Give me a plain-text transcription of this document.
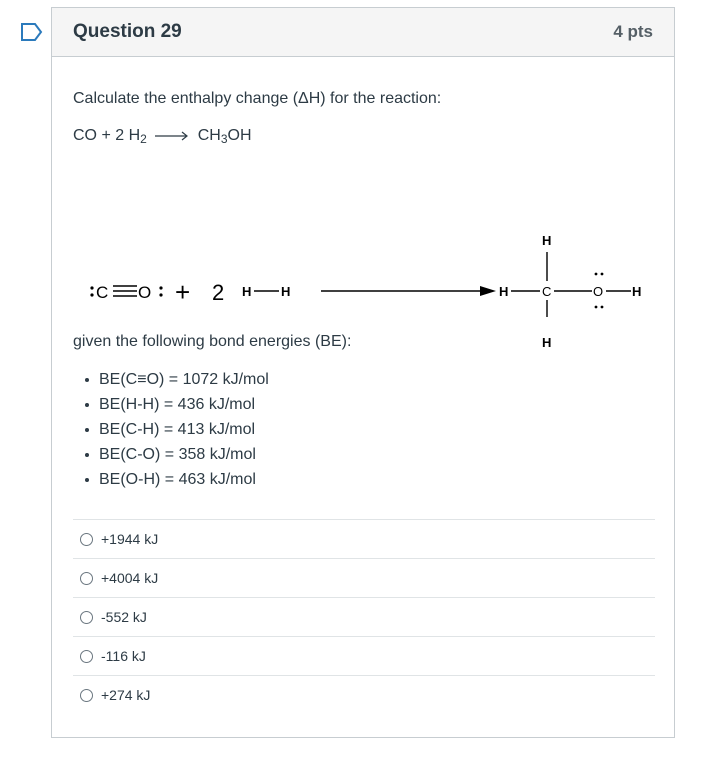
Question 29	4 pts
Calculate the enthalpy change (ΔH) for the reaction:
CO + 2 $H_2 \to CH_3OH$
C O + 2 H H	H	C	O H
H
H
given the following bond energies (BE):
BE(C≡O) = 1072 kJ/mol
BE(H-H) = 436 kJ/mol
BE(C-H) = 413 kJ/mol
BE(C-O) = 358 kJ/mol
BE(O-H) = 463 kJ/mol
+1944 kJ
+4004 kJ
-552 kJ
-116 kJ
+274 kJ
